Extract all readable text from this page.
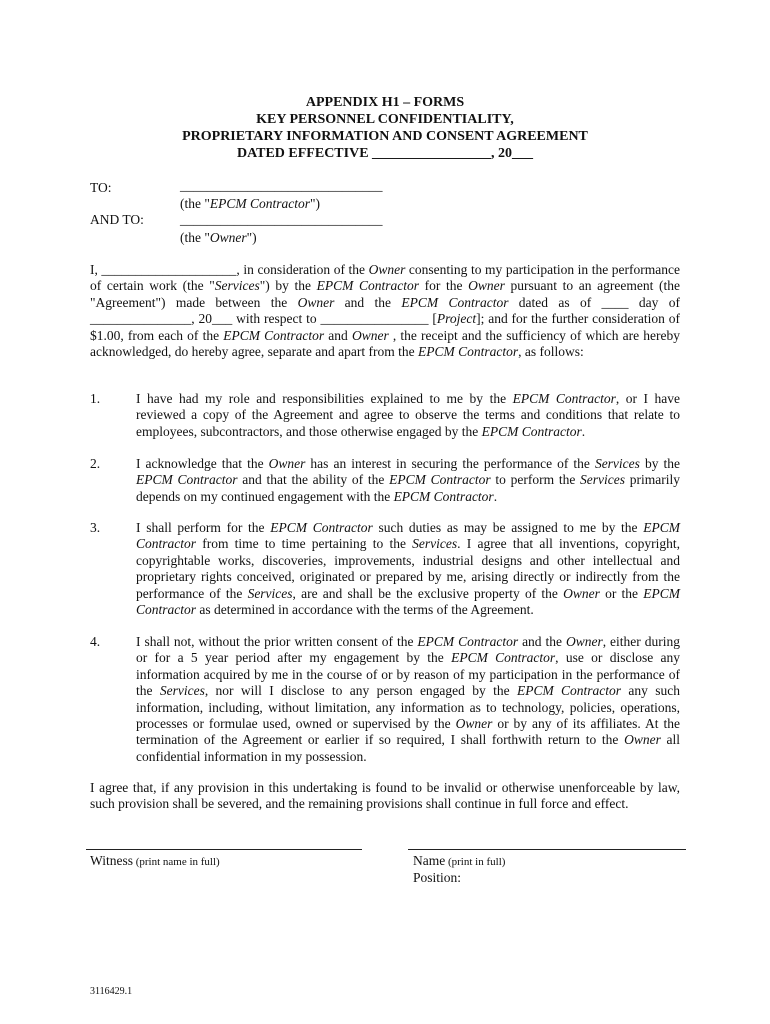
APPENDIX H1 – FORMS
KEY PERSONNEL CONFIDENTIALITY,
PROPRIETARY INFORMATION AND CONSENT AGREEMENT
DATED EFFECTIVE _________________, 20___
TO:	______________________________
(the "EPCM Contractor")
AND TO:	______________________________
(the "Owner")
I, ____________________, in consideration of the Owner consenting to my participation in the performance of certain work (the "Services") by the EPCM Contractor for the Owner pursuant to an agreement (the "Agreement") made between the Owner and the EPCM Contractor dated as of ____ day of _______________, 20___ with respect to ________________ [Project]; and for the further consideration of $1.00, from each of the EPCM Contractor and Owner , the receipt and the sufficiency of which are hereby acknowledged, do hereby agree, separate and apart from the EPCM Contractor, as follows:
1.	I have had my role and responsibilities explained to me by the EPCM Contractor, or I have reviewed a copy of the Agreement and agree to observe the terms and conditions that relate to employees, subcontractors, and those otherwise engaged by the EPCM Contractor.
2.	I acknowledge that the Owner has an interest in securing the performance of the Services by the EPCM Contractor and that the ability of the EPCM Contractor to perform the Services primarily depends on my continued engagement with the EPCM Contractor.
3.	I shall perform for the EPCM Contractor such duties as may be assigned to me by the EPCM Contractor from time to time pertaining to the Services. I agree that all inventions, copyright, copyrightable works, discoveries, improvements, industrial designs and other intellectual and proprietary rights conceived, originated or prepared by me, arising directly or indirectly from the performance of the Services, are and shall be the exclusive property of the Owner or the EPCM Contractor as determined in accordance with the terms of the Agreement.
4.	I shall not, without the prior written consent of the EPCM Contractor and the Owner, either during or for a 5 year period after my engagement by the EPCM Contractor, use or disclose any information acquired by me in the course of or by reason of my participation in the performance of the Services, nor will I disclose to any person engaged by the EPCM Contractor any such information, including, without limitation, any information as to technology, policies, operations, processes or formulae used, owned or supervised by the Owner or by any of its affiliates. At the termination of the Agreement or earlier if so required, I shall forthwith return to the Owner all confidential information in my possession.
I agree that, if any provision in this undertaking is found to be invalid or otherwise unenforceable by law, such provision shall be severed, and the remaining provisions shall continue in full force and effect.
Witness (print name in full)	Name (print in full)
Position:
3116429.1
